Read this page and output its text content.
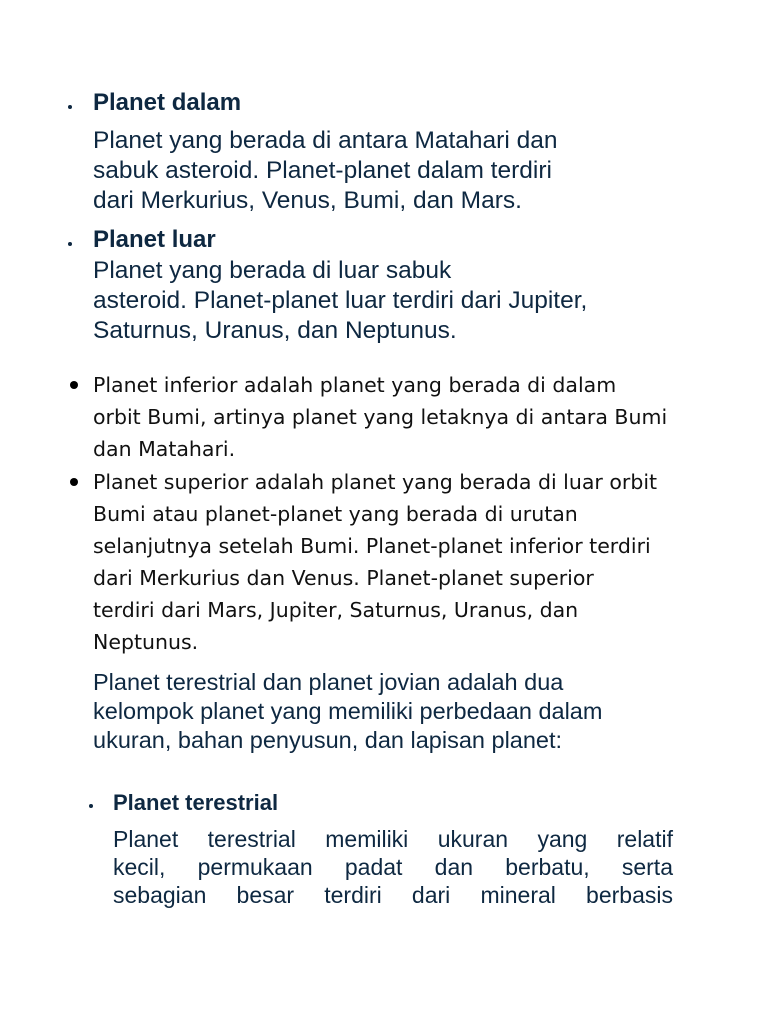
Planet dalam
Planet yang berada di antara Matahari dan
sabuk asteroid. Planet-planet dalam terdiri
dari Merkurius, Venus, Bumi, dan Mars.
Planet luar
Planet yang berada di luar sabuk
asteroid. Planet-planet luar terdiri dari Jupiter,
Saturnus, Uranus, dan Neptunus.
Planet inferior adalah planet yang berada di dalam
orbit Bumi, artinya planet yang letaknya di antara Bumi
dan Matahari.
Planet superior adalah planet yang berada di luar orbit
Bumi atau planet-planet yang berada di urutan
selanjutnya setelah Bumi. Planet-planet inferior terdiri
dari Merkurius dan Venus. Planet-planet superior
terdiri dari Mars, Jupiter, Saturnus, Uranus, dan
Neptunus.
Planet terestrial dan planet jovian adalah dua
kelompok planet yang memiliki perbedaan dalam
ukuran, bahan penyusun, dan lapisan planet:
Planet terestrial
Planet terestrial memiliki ukuran yang relatif
kecil, permukaan padat dan berbatu, serta
sebagian besar terdiri dari mineral berbasis
